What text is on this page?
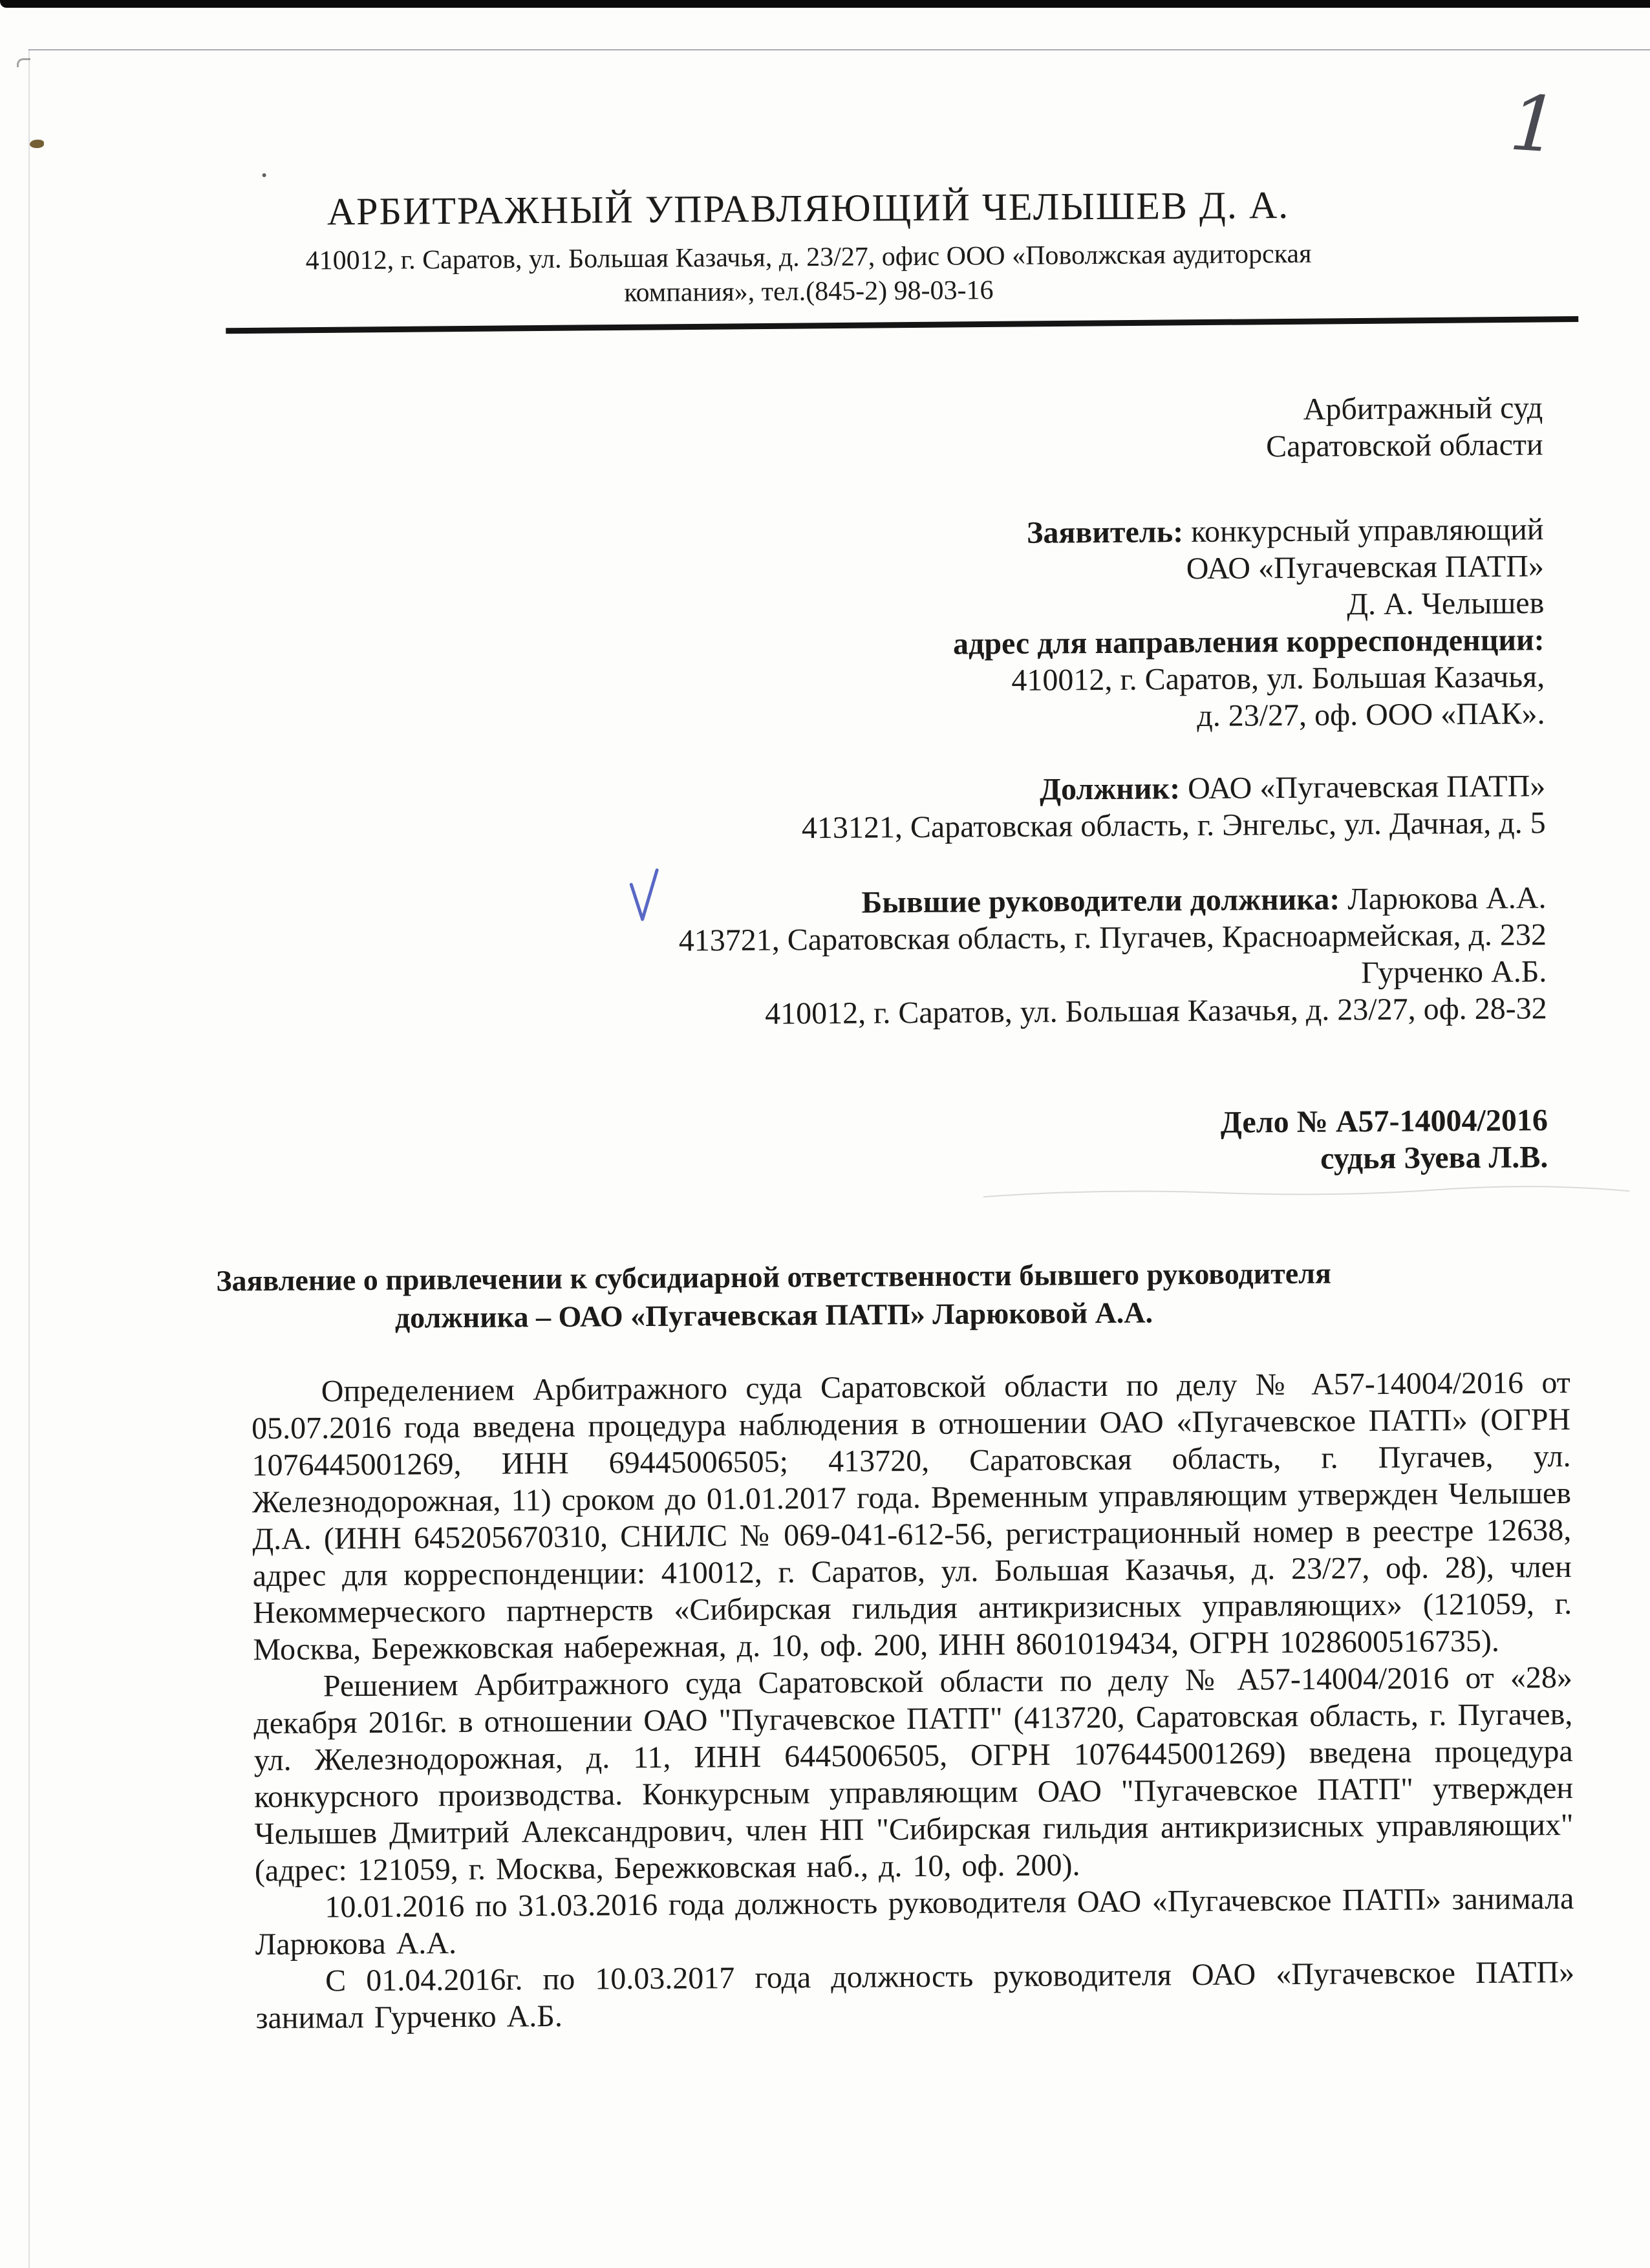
1
АРБИТРАЖНЫЙ УПРАВЛЯЮЩИЙ ЧЕЛЫШЕВ Д. А.
410012, г. Саратов, ул. Большая Казачья, д. 23/27, офис ООО «Поволжская аудиторская
компания», тел.(845-2) 98-03-16
Арбитражный суд
Саратовской области
Заявитель: конкурсный управляющий
ОАО «Пугачевская ПАТП»
Д. А. Челышев
адрес для направления корреспонденции:
410012, г. Саратов, ул. Большая Казачья,
д. 23/27, оф. ООО «ПАК».
Должник: ОАО «Пугачевская ПАТП»
413121, Саратовская область, г. Энгельс, ул. Дачная, д. 5
Бывшие руководители должника: Ларюкова А.А.
413721, Саратовская область, г. Пугачев, Красноармейская, д. 232
Гурченко А.Б.
410012, г. Саратов, ул. Большая Казачья, д. 23/27, оф. 28-32
Дело № А57-14004/2016
судья Зуева Л.В.
Заявление о привлечении к субсидиарной ответственности бывшего руководителя
должника – ОАО «Пугачевская ПАТП» Ларюковой А.А.

Определением Арбитражного суда Саратовской области по делу № А57-14004/2016 от 05.07.2016 года введена процедура наблюдения в отношении ОАО «Пугачевское ПАТП» (ОГРН 1076445001269, ИНН 69445006505; 413720, Саратовская область, г. Пугачев, ул. Железнодорожная, 11) сроком до 01.01.2017 года. Временным управляющим утвержден Челышев Д.А. (ИНН 645205670310, СНИЛС № 069-041-612-56, регистрационный номер в реестре 12638, адрес для корреспонденции: 410012, г. Саратов, ул. Большая Казачья, д. 23/27, оф. 28), член Некоммерческого партнерств «Сибирская гильдия антикризисных управляющих» (121059, г. Москва, Бережковская набережная, д. 10, оф. 200, ИНН 8601019434, ОГРН 1028600516735).

Решением Арбитражного суда Саратовской области по делу № А57-14004/2016 от «28» декабря 2016г. в отношении ОАО "Пугачевское ПАТП" (413720, Саратовская область, г. Пугачев, ул. Железнодорожная, д. 11, ИНН 6445006505, ОГРН 1076445001269) введена процедура конкурсного производства. Конкурсным управляющим ОАО "Пугачевское ПАТП" утвержден Челышев Дмитрий Александрович, член НП "Сибирская гильдия антикризисных управляющих" (адрес: 121059, г. Москва, Бережковская наб., д. 10, оф. 200).

10.01.2016 по 31.03.2016 года должность руководителя ОАО «Пугачевское ПАТП» занимала Ларюкова А.А.

С 01.04.2016г. по 10.03.2017 года должность руководителя ОАО «Пугачевское ПАТП» занимал Гурченко А.Б.
